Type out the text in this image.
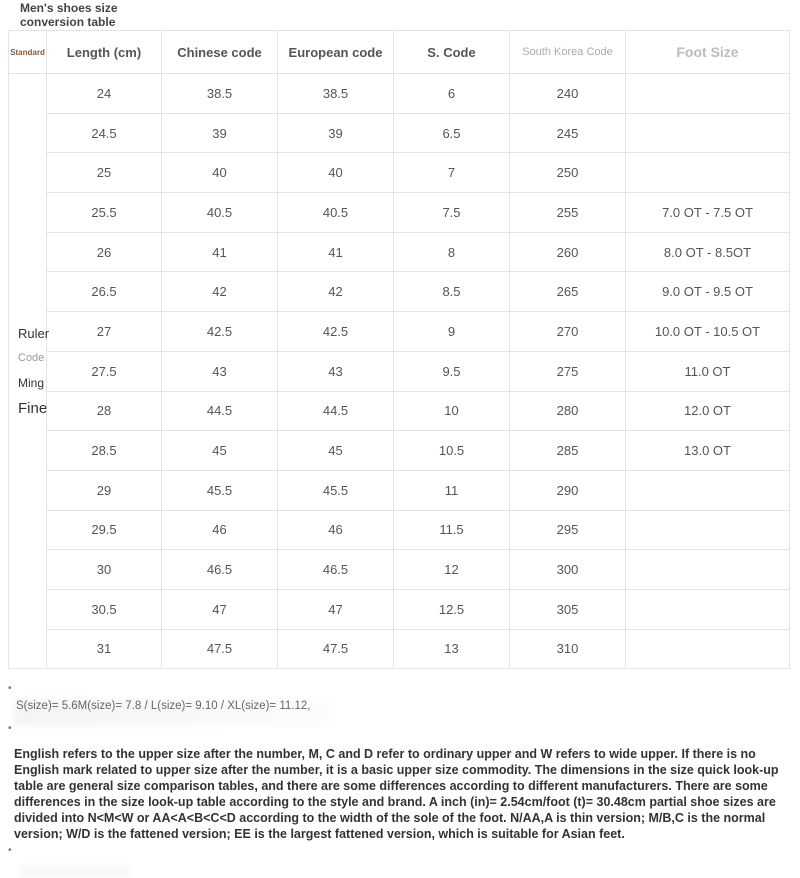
Men's shoes size conversion table
Standard	Length (cm)	Chinese code	European code	S. Code	South Korea Code	Foot Size

Ruler
Code
Ming
Fine	24	38.5	38.5	6	240	
	24.5	39	39	6.5	245	
	25	40	40	7	250	
	25.5	40.5	40.5	7.5	255	7.0 OT - 7.5 OT
	26	41	41	8	260	8.0 OT - 8.5OT
	26.5	42	42	8.5	265	9.0 OT - 9.5 OT
	27	42.5	42.5	9	270	10.0 OT - 10.5 OT
	27.5	43	43	9.5	275	11.0 OT
	28	44.5	44.5	10	280	12.0 OT
	28.5	45	45	10.5	285	13.0 OT
	29	45.5	45.5	11	290	
	29.5	46	46	11.5	295	
	30	46.5	46.5	12	300	
	30.5	47	47	12.5	305	
	31	47.5	47.5	13	310	
•
S(size)= 5.6M(size)= 7.8 / L(size)= 9.10 / XL(size)= 11.12,
•
English refers to the upper size after the number, M, C and D refer to ordinary upper and W refers to wide upper. If there is no English mark related to upper size after the number, it is a basic upper size commodity. The dimensions in the size quick look-up table are general size comparison tables, and there are some differences according to different manufacturers. There are some differences in the size look-up table according to the style and brand. A inch (in)= 2.54cm/foot (t)= 30.48cm partial shoe sizes are divided into N<M<W or AA<A<B<C<D according to the width of the sole of the foot. N/AA,A is thin version; M/B,C is the normal version; W/D is the fattened version; EE is the largest fattened version, which is suitable for Asian feet.
•
